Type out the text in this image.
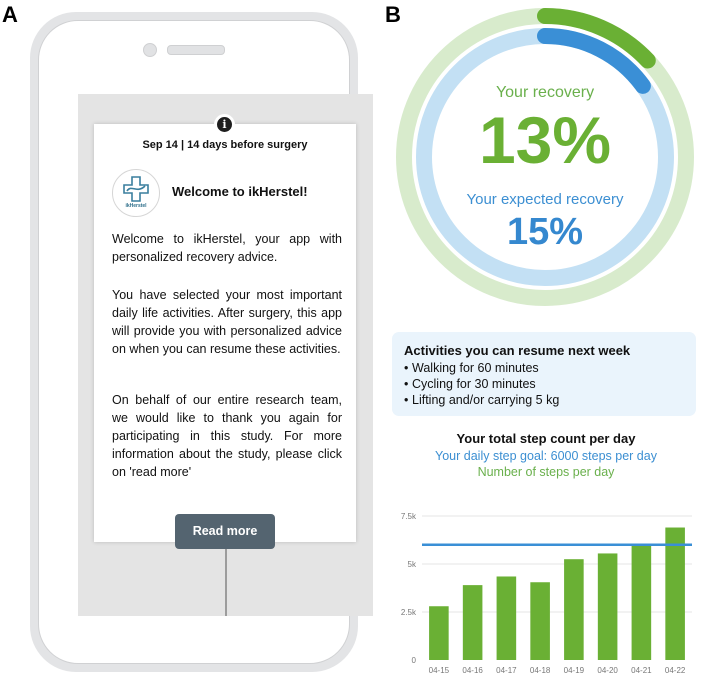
A	B
i
Sep 14 | 14 days before surgery
ikHerstel
Welcome to ikHerstel!
Welcome to ikHerstel, your app with personalized recovery advice.
You have selected your most important daily life activities. After surgery, this app will provide you with personalized advice on when you can resume these activities.
On behalf of our entire research team, we would like to thank you again for participating in this study. For more information about the study, please click on 'read more'
Read more
Your recovery
13%
Your expected recovery
15%
Activities you can resume next week
• Walking for 60 minutes
• Cycling for 30 minutes
• Lifting and/or carrying 5 kg
Your total step count per day
Your daily step goal: 6000 steps per day
Number of steps per day
0
2.5k
5k
7.5k
04-15 04-16 04-17 04-18 04-19 04-20 04-21 04-22
